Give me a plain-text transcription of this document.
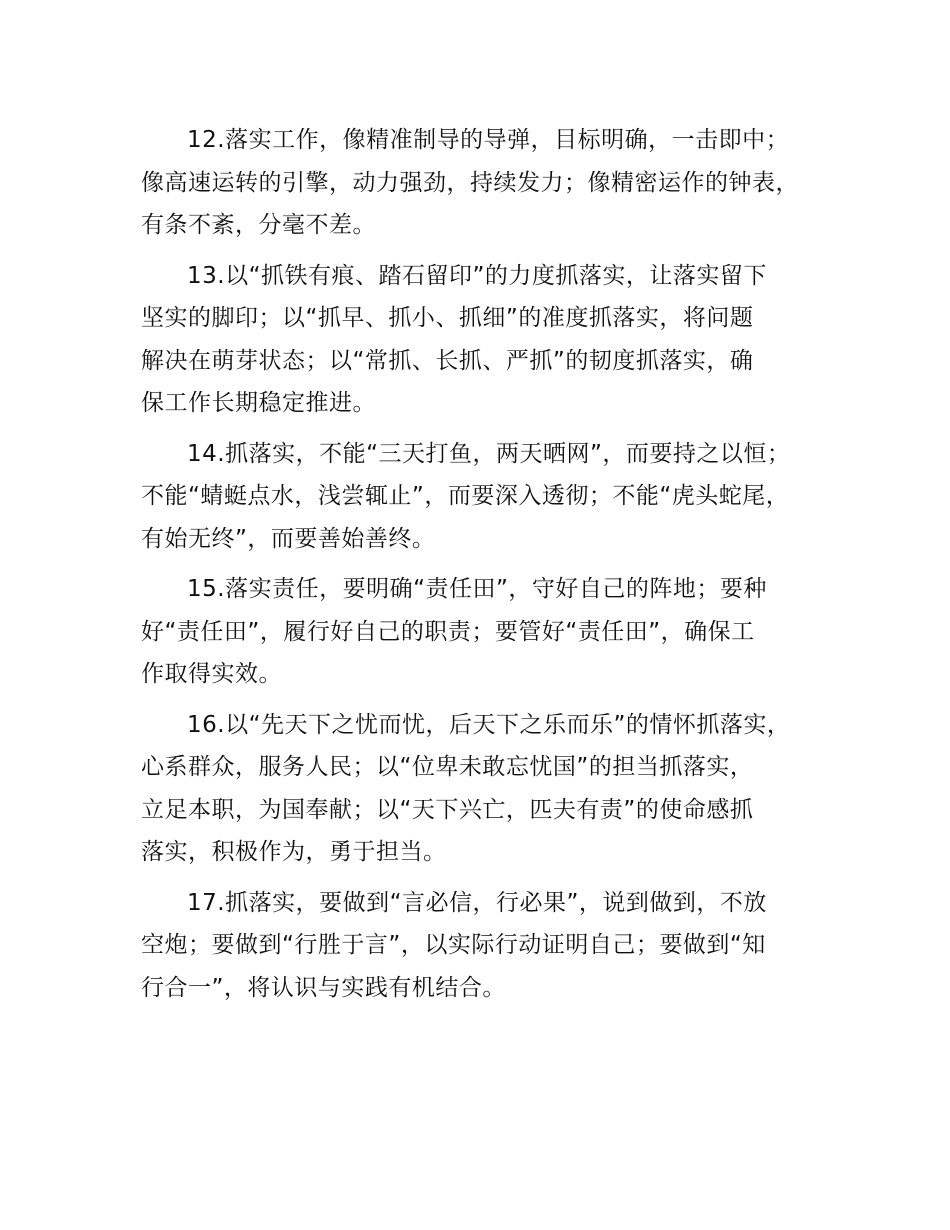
12.落实工作，像精准制导的导弹，目标明确，一击即中；
像高速运转的引擎，动力强劲，持续发力；像精密运作的钟表，
有条不紊，分毫不差。

13.以“抓铁有痕、踏石留印”的力度抓落实，让落实留下
坚实的脚印；以“抓早、抓小、抓细”的准度抓落实，将问题
解决在萌芽状态；以“常抓、长抓、严抓”的韧度抓落实，确
保工作长期稳定推进。

14.抓落实，不能“三天打鱼，两天晒网”，而要持之以恒；
不能“蜻蜓点水，浅尝辄止”，而要深入透彻；不能“虎头蛇尾，
有始无终”，而要善始善终。

15.落实责任，要明确“责任田”，守好自己的阵地；要种
好“责任田”，履行好自己的职责；要管好“责任田”，确保工
作取得实效。

16.以“先天下之忧而忧，后天下之乐而乐”的情怀抓落实，
心系群众，服务人民；以“位卑未敢忘忧国”的担当抓落实，
立足本职，为国奉献；以“天下兴亡，匹夫有责”的使命感抓
落实，积极作为，勇于担当。

17.抓落实，要做到“言必信，行必果”，说到做到，不放
空炮；要做到“行胜于言”，以实际行动证明自己；要做到“知
行合一”，将认识与实践有机结合。
